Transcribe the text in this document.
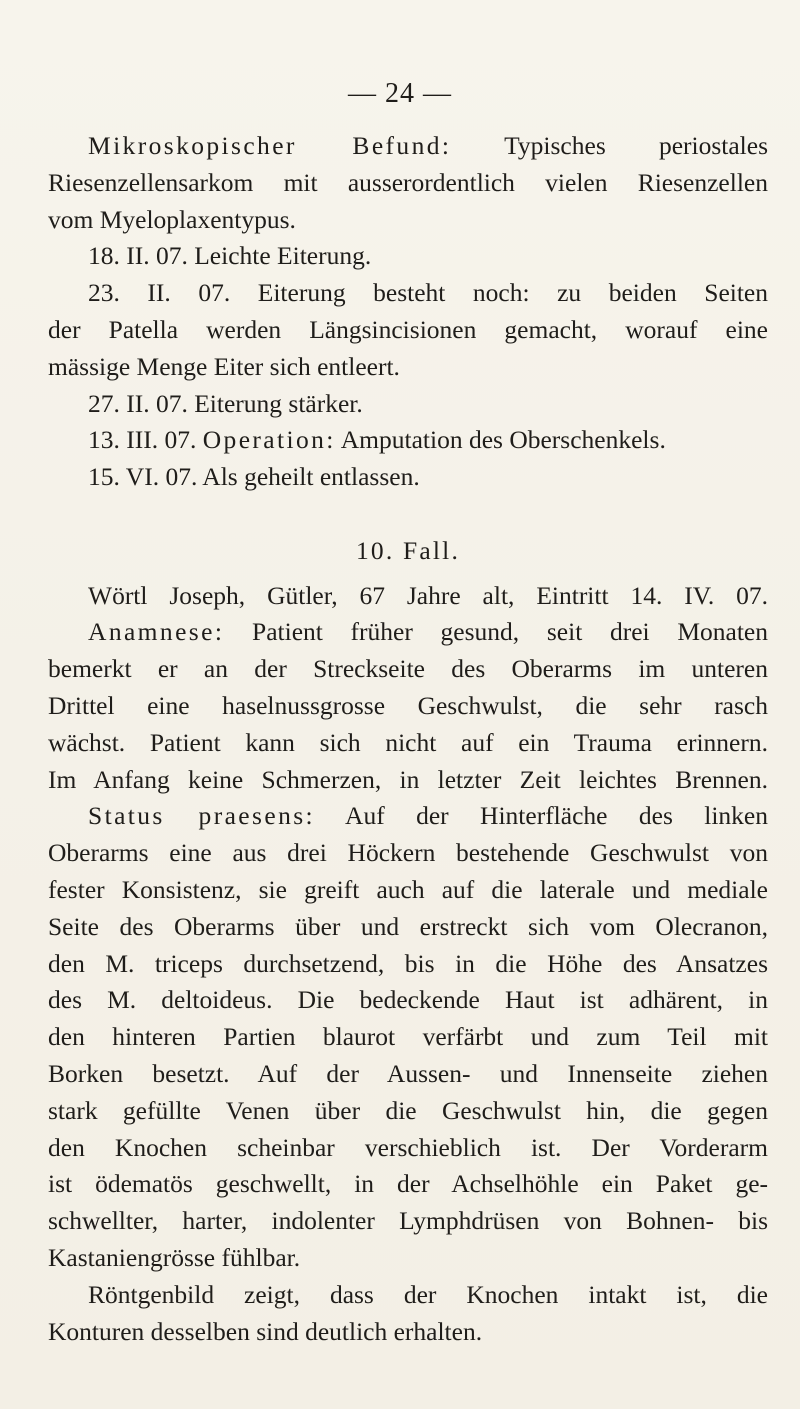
— 24 —
Mikroskopischer Befund: Typisches periostales
Riesenzellensarkom mit ausserordentlich vielen Riesenzellen
vom Myeloplaxentypus.
18. II. 07. Leichte Eiterung.
23. II. 07. Eiterung besteht noch: zu beiden Seiten
der Patella werden Längsincisionen gemacht, worauf eine
mässige Menge Eiter sich entleert.
27. II. 07. Eiterung stärker.
13. III. 07. Operation: Amputation des Oberschenkels.
15. VI. 07. Als geheilt entlassen.
10. Fall.
Wörtl Joseph, Gütler, 67 Jahre alt, Eintritt 14. IV. 07.
Anamnese: Patient früher gesund, seit drei Monaten
bemerkt er an der Streckseite des Oberarms im unteren
Drittel eine haselnussgrosse Geschwulst, die sehr rasch
wächst. Patient kann sich nicht auf ein Trauma erinnern.
Im Anfang keine Schmerzen, in letzter Zeit leichtes Brennen.
Status praesens: Auf der Hinterfläche des linken
Oberarms eine aus drei Höckern bestehende Geschwulst von
fester Konsistenz, sie greift auch auf die laterale und mediale
Seite des Oberarms über und erstreckt sich vom Olecranon,
den M. triceps durchsetzend, bis in die Höhe des Ansatzes
des M. deltoideus. Die bedeckende Haut ist adhärent, in
den hinteren Partien blaurot verfärbt und zum Teil mit
Borken besetzt. Auf der Aussen- und Innenseite ziehen
stark gefüllte Venen über die Geschwulst hin, die gegen
den Knochen scheinbar verschieblich ist. Der Vorderarm
ist ödematös geschwellt, in der Achselhöhle ein Paket ge-
schwellter, harter, indolenter Lymphdrüsen von Bohnen- bis
Kastaniengrösse fühlbar.
Röntgenbild zeigt, dass der Knochen intakt ist, die
Konturen desselben sind deutlich erhalten.
